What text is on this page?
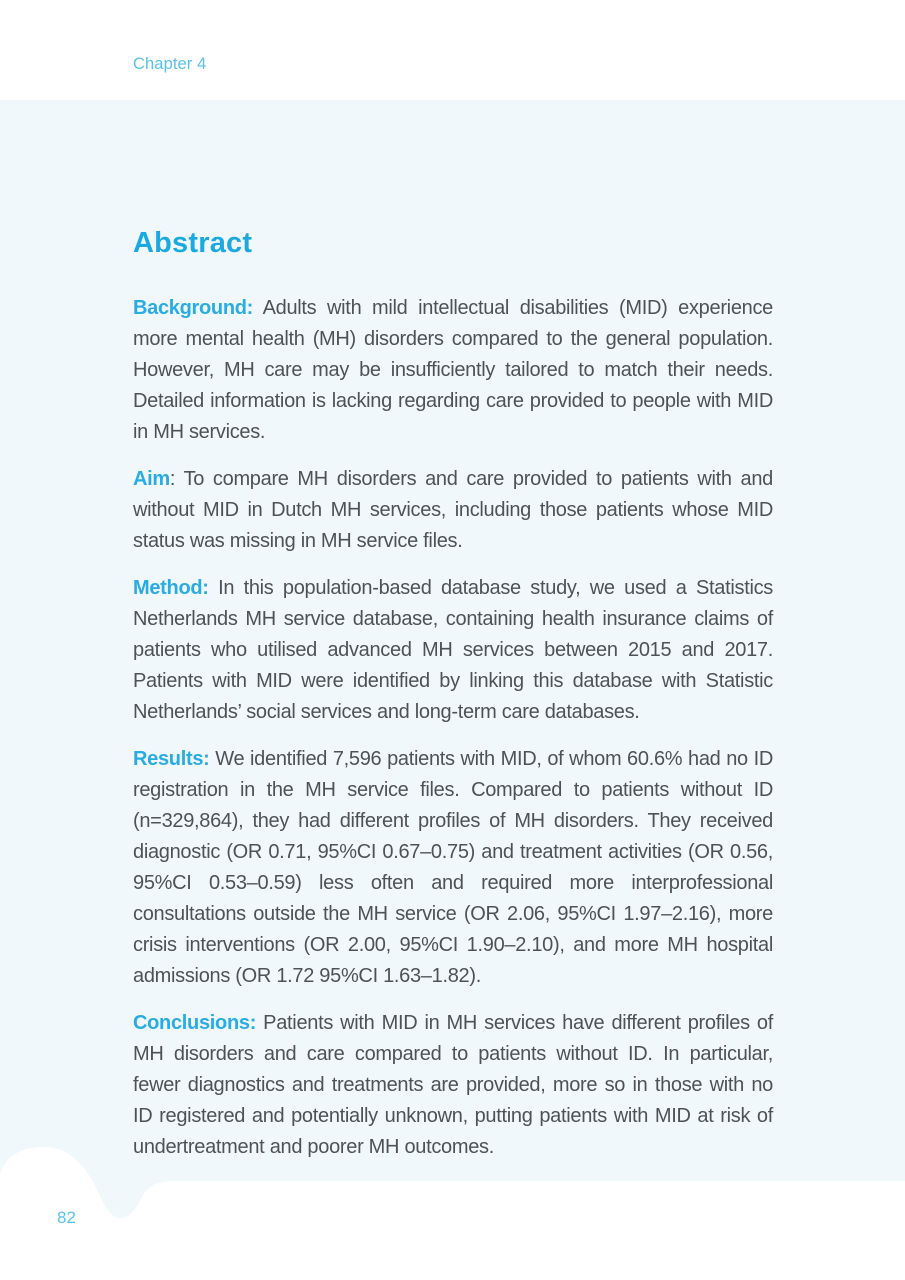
Chapter 4
Abstract

Background: Adults with mild intellectual disabilities (MID) experience more mental health (MH) disorders compared to the general population. However, MH care may be insufficiently tailored to match their needs. Detailed information is lacking regarding care provided to people with MID in MH services.

Aim: To compare MH disorders and care provided to patients with and without MID in Dutch MH services, including those patients whose MID status was missing in MH service files.

Method: In this population-based database study, we used a Statistics Netherlands MH service database, containing health insurance claims of patients who utilised advanced MH services between 2015 and 2017. Patients with MID were identified by linking this database with Statistic Netherlands’ social services and long-term care databases.

Results: We identified 7,596 patients with MID, of whom 60.6% had no ID registration in the MH service files. Compared to patients without ID (n=329,864), they had different profiles of MH disorders. They received diagnostic (OR 0.71, 95%CI 0.67–0.75) and treatment activities (OR 0.56, 95%CI 0.53–0.59) less often and required more interprofessional consultations outside the MH service (OR 2.06, 95%CI 1.97–2.16), more crisis interventions (OR 2.00, 95%CI 1.90–2.10), and more MH hospital admissions (OR 1.72 95%CI 1.63–1.82).

Conclusions: Patients with MID in MH services have different profiles of MH disorders and care compared to patients without ID. In particular, fewer diagnostics and treatments are provided, more so in those with no ID registered and potentially unknown, putting patients with MID at risk of undertreatment and poorer MH outcomes.

82
